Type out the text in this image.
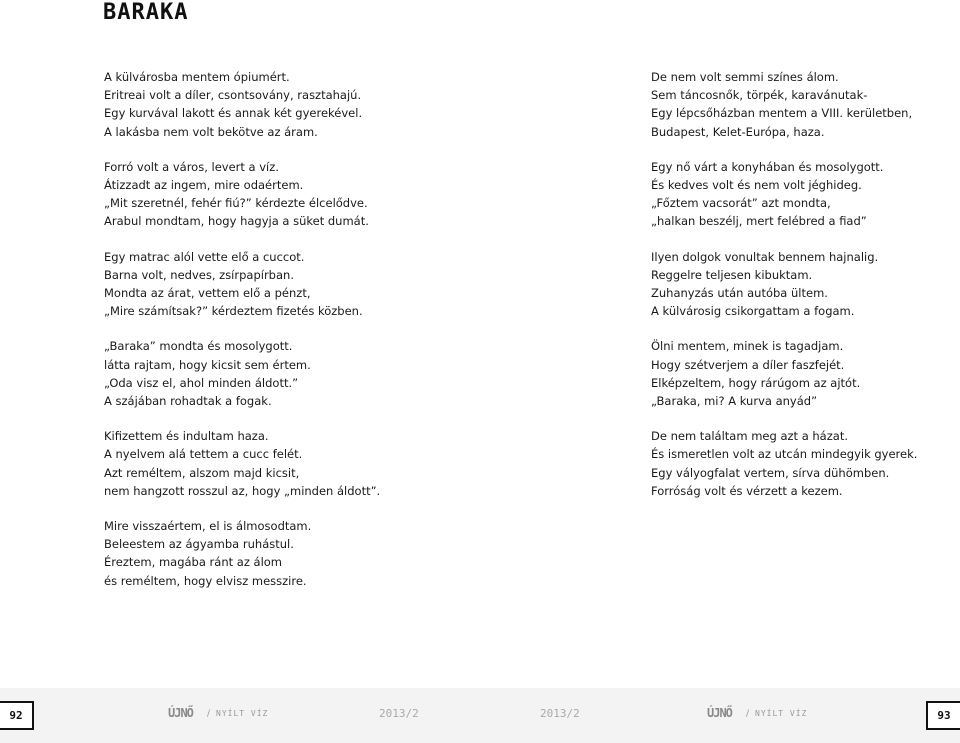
BARAKA
A külvárosba mentem ópiumért.
Eritreai volt a díler, csontsovány, rasztahajú.
Egy kurvával lakott és annak két gyerekével.
A lakásba nem volt bekötve az áram.
Forró volt a város, levert a víz.
Átizzadt az ingem, mire odaértem.
„Mit szeretnél, fehér fiú?” kérdezte élcelődve.
Arabul mondtam, hogy hagyja a süket dumát.
Egy matrac alól vette elő a cuccot.
Barna volt, nedves, zsírpapírban.
Mondta az árat, vettem elő a pénzt,
„Mire számítsak?” kérdeztem fizetés közben.
„Baraka” mondta és mosolygott.
látta rajtam, hogy kicsit sem értem.
„Oda visz el, ahol minden áldott.”
A szájában rohadtak a fogak.
Kifizettem és indultam haza.
A nyelvem alá tettem a cucc felét.
Azt reméltem, alszom majd kicsit,
nem hangzott rosszul az, hogy „minden áldott”.
Mire visszaértem, el is álmosodtam.
Beleestem az ágyamba ruhástul.
Éreztem, magába ránt az álom
és reméltem, hogy elvisz messzire.
De nem volt semmi színes álom.
Sem táncosnők, törpék, karavánutak-
Egy lépcsőházban mentem a VIII. kerületben,
Budapest, Kelet-Európa, haza.
Egy nő várt a konyhában és mosolygott.
És kedves volt és nem volt jéghideg.
„Főztem vacsorát” azt mondta,
„halkan beszélj, mert felébred a fiad”
Ilyen dolgok vonultak bennem hajnalig.
Reggelre teljesen kibuktam.
Zuhanyzás után autóba ültem.
A külvárosig csikorgattam a fogam.
Ölni mentem, minek is tagadjam.
Hogy szétverjem a díler faszfejét.
Elképzeltem, hogy rárúgom az ajtót.
„Baraka, mi? A kurva anyád”
De nem találtam meg azt a házat.
És ismeretlen volt az utcán mindegyik gyerek.
Egy vályogfalat vertem, sírva dühömben.
Forróság volt és vérzett a kezem.
92	ÚJNŐ / NYÍLT VÍZ	2013/2	2013/2	ÚJNŐ / NYÍLT VÍZ	93
